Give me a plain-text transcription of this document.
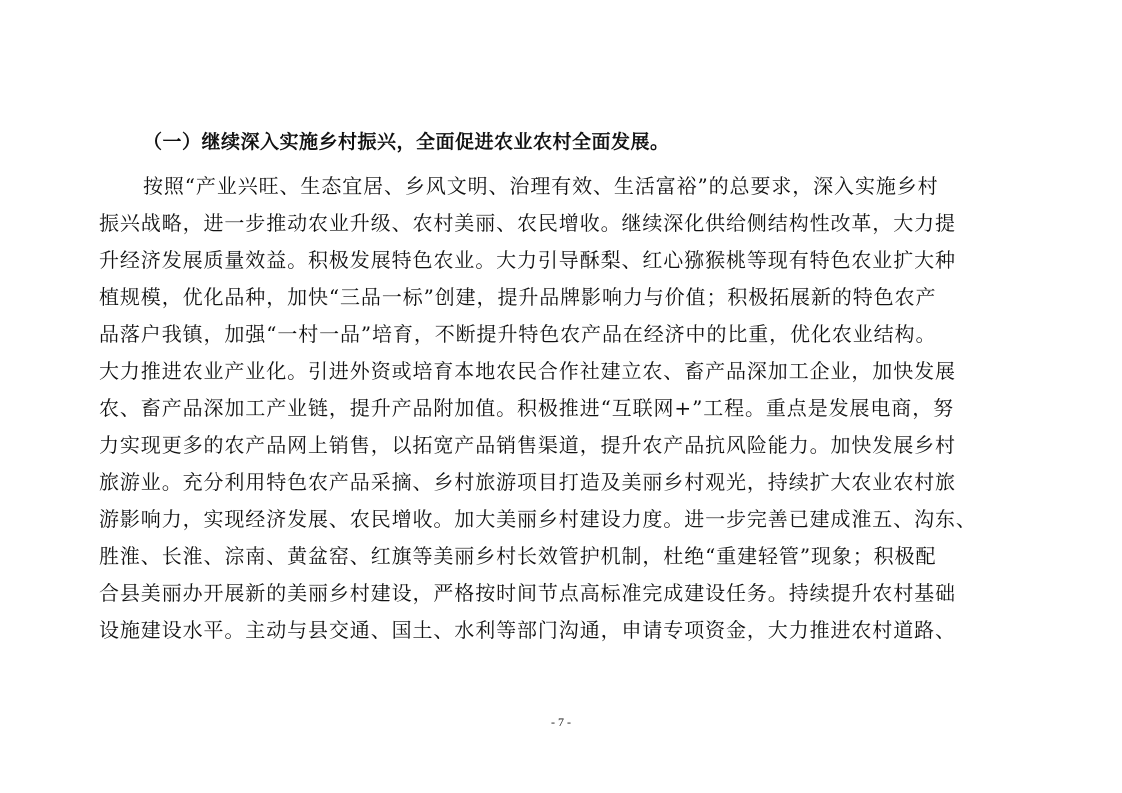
（一）继续深入实施乡村振兴，全面促进农业农村全面发展。
按照“产业兴旺、生态宜居、乡风文明、治理有效、生活富裕”的总要求，深入实施乡村
振兴战略，进一步推动农业升级、农村美丽、农民增收。继续深化供给侧结构性改革，大力提
升经济发展质量效益。积极发展特色农业。大力引导酥梨、红心猕猴桃等现有特色农业扩大种
植规模，优化品种，加快“三品一标”创建，提升品牌影响力与价值；积极拓展新的特色农产
品落户我镇，加强“一村一品”培育，不断提升特色农产品在经济中的比重，优化农业结构。
大力推进农业产业化。引进外资或培育本地农民合作社建立农、畜产品深加工企业，加快发展
农、畜产品深加工产业链，提升产品附加值。积极推进“互联网+”工程。重点是发展电商，努
力实现更多的农产品网上销售，以拓宽产品销售渠道，提升农产品抗风险能力。加快发展乡村
旅游业。充分利用特色农产品采摘、乡村旅游项目打造及美丽乡村观光，持续扩大农业农村旅
游影响力，实现经济发展、农民增收。加大美丽乡村建设力度。进一步完善已建成淮五、沟东、
胜淮、长淮、淙南、黄盆窑、红旗等美丽乡村长效管护机制，杜绝“重建轻管”现象；积极配
合县美丽办开展新的美丽乡村建设，严格按时间节点高标准完成建设任务。持续提升农村基础
设施建设水平。主动与县交通、国土、水利等部门沟通，申请专项资金，大力推进农村道路、
- 7 -
